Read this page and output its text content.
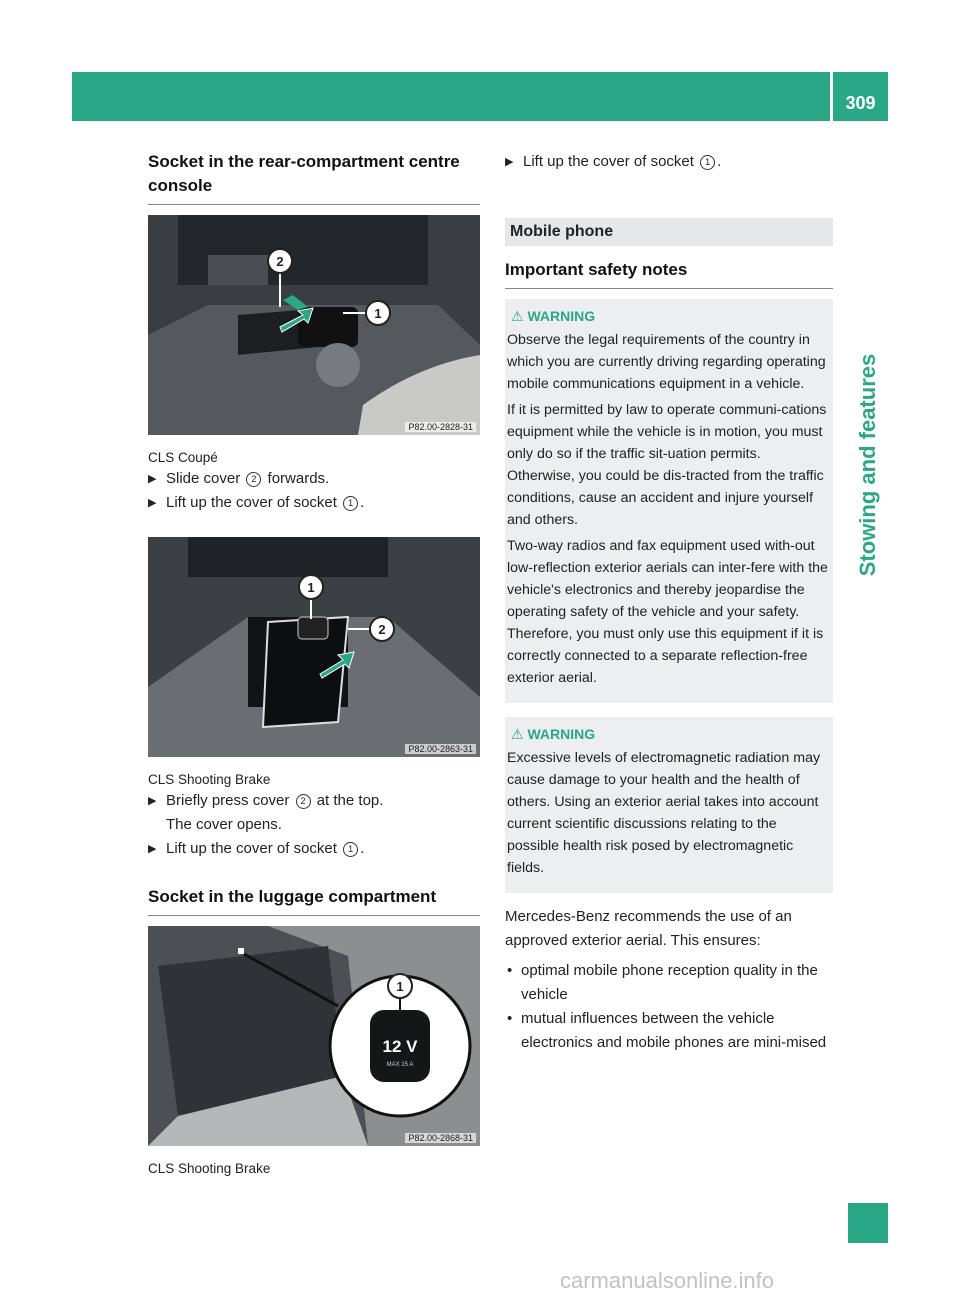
Features
309
Stowing and features
Socket in the rear-compartment centre console
2
1
P82.00-2828-31
CLS Coupé
▶ Slide cover 2 forwards.
▶ Lift up the cover of socket 1 .
1
2
P82.00-2863-31
CLS Shooting Brake
▶ Briefly press cover 2 at the top.
The cover opens.
▶ Lift up the cover of socket 1 .
Socket in the luggage compartment
12 V
MAX 15 A
1
P82.00-2868-31
CLS Shooting Brake
▶ Lift up the cover of socket 1 .
Mobile phone
Important safety notes
⚠ WARNING

Observe the legal requirements of the country in which you are currently driving regarding operating mobile communications equipment in a vehicle.

If it is permitted by law to operate communi-cations equipment while the vehicle is in motion, you must only do so if the traffic sit-uation permits. Otherwise, you could be dis-tracted from the traffic conditions, cause an accident and injure yourself and others.

Two-way radios and fax equipment used with-out low-reflection exterior aerials can inter-fere with the vehicle's electronics and thereby jeopardise the operating safety of the vehicle and your safety. Therefore, you must only use this equipment if it is correctly connected to a separate reflection-free exterior aerial.

⚠ WARNING

Excessive levels of electromagnetic radiation may cause damage to your health and the health of others. Using an exterior aerial takes into account current scientific discussions relating to the possible health risk posed by electromagnetic fields.

Mercedes-Benz recommends the use of an approved exterior aerial. This ensures:

• optimal mobile phone reception quality in the vehicle
• mutual influences between the vehicle electronics and mobile phones are mini-mised
carmanualsonline.info
